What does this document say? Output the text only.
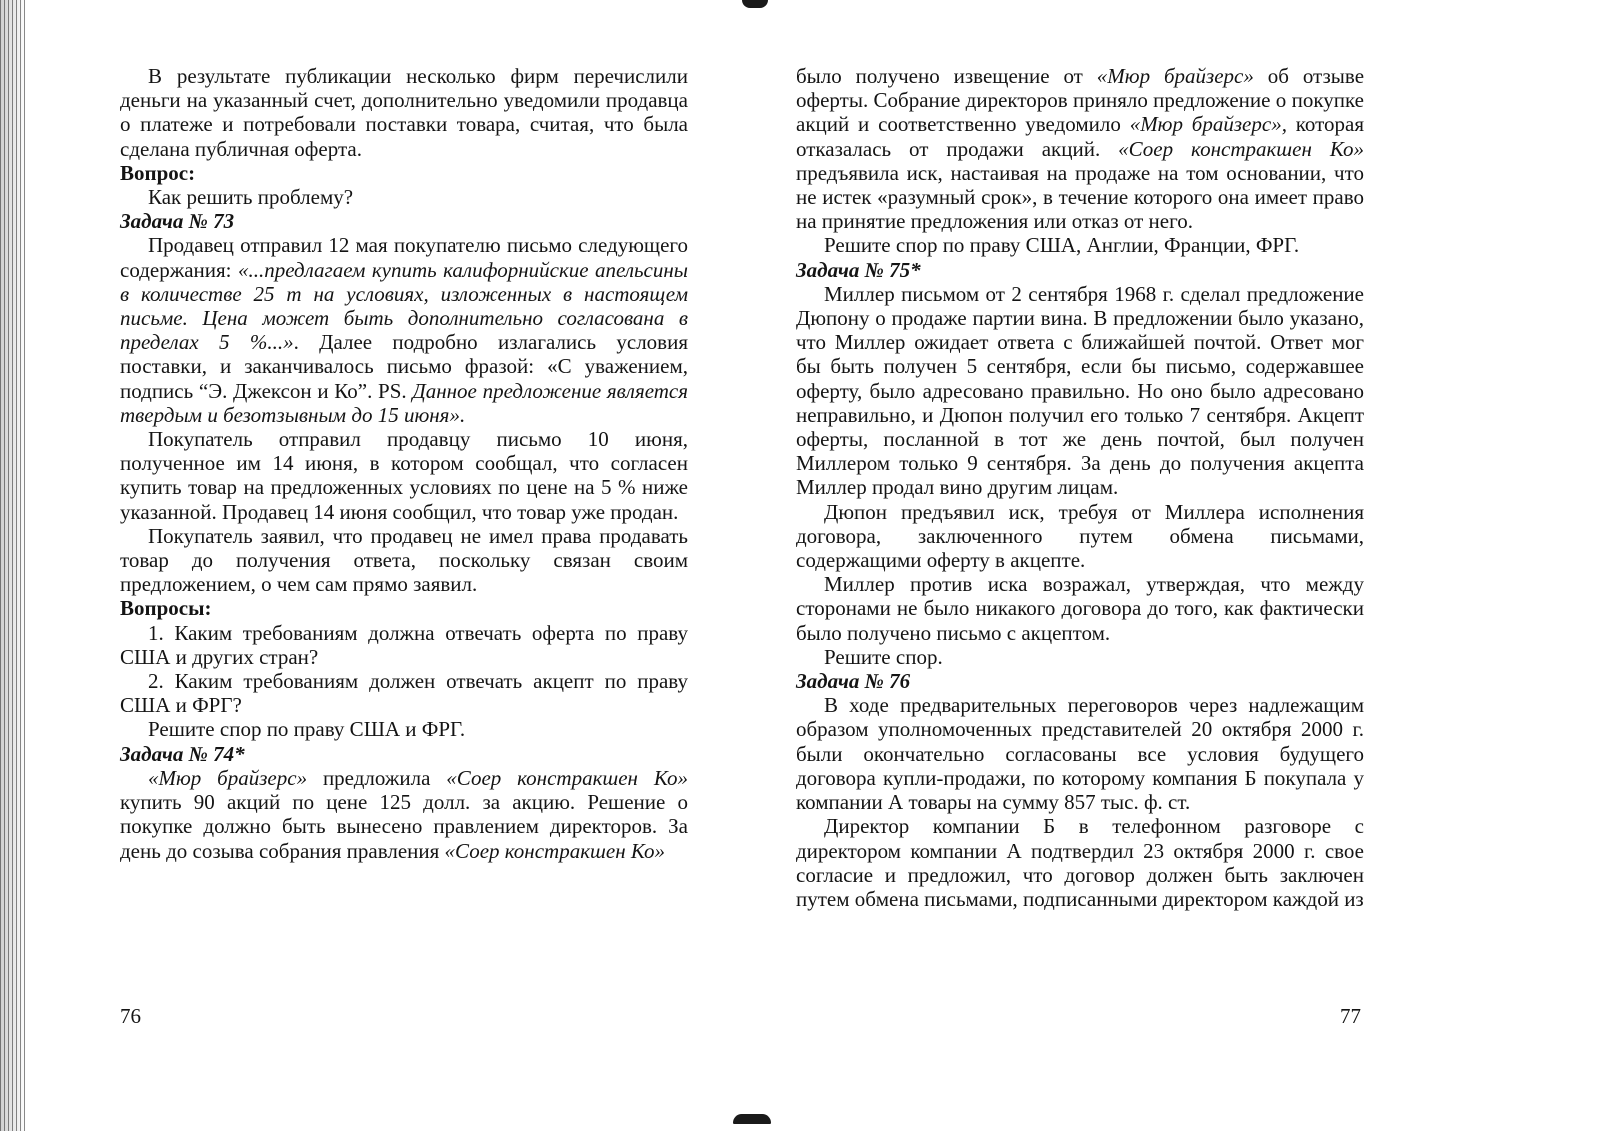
В результате публикации несколько фирм перечислили деньги на указанный счет, дополнительно уведомили продавца о платеже и потребовали поставки товара, считая, что была сделана публичная оферта.

Вопрос:

Как решить проблему?

Задача № 73

Продавец отправил 12 мая покупателю письмо следующего содержания: «...предлагаем купить калифорнийские апельсины в количестве 25 т на условиях, изложенных в настоящем письме. Цена может быть дополнительно согласована в пределах 5 %...». Далее подробно излагались условия поставки, и заканчивалось письмо фразой: «С уважением, подпись “Э. Джексон и Ко”. PS. Данное предложение является твердым и безотзывным до 15 июня».

Покупатель отправил продавцу письмо 10 июня, полученное им 14 июня, в котором сообщал, что согласен купить товар на предложенных условиях по цене на 5 % ниже указанной. Продавец 14 июня сообщил, что товар уже продан.

Покупатель заявил, что продавец не имел права продавать товар до получения ответа, поскольку связан своим предложением, о чем сам прямо заявил.

Вопросы:

1. Каким требованиям должна отвечать оферта по праву США и других стран?

2. Каким требованиям должен отвечать акцепт по праву США и ФРГ?

Решите спор по праву США и ФРГ.

Задача № 74*

«Мюр брайзерс» предложила «Соер констракшен Ко» купить 90 акций по цене 125 долл. за акцию. Решение о покупке должно быть вынесено правлением директоров. За день до созыва собрания правления «Соер констракшен Ко»

76

было получено извещение от «Мюр брайзерс» об отзыве оферты. Собрание директоров приняло предложение о покупке акций и соответственно уведомило «Мюр брайзерс», которая отказалась от продажи акций. «Соер констракшен Ко» предъявила иск, настаивая на продаже на том основании, что не истек «разумный срок», в течение которого она имеет право на принятие предложения или отказ от него.

Решите спор по праву США, Англии, Франции, ФРГ.

Задача № 75*

Миллер письмом от 2 сентября 1968 г. сделал предложение Дюпону о продаже партии вина. В предложении было указано, что Миллер ожидает ответа с ближайшей почтой. Ответ мог бы быть получен 5 сентября, если бы письмо, содержавшее оферту, было адресовано правильно. Но оно было адресовано неправильно, и Дюпон получил его только 7 сентября. Акцепт оферты, посланной в тот же день почтой, был получен Миллером только 9 сентября. За день до получения акцепта Миллер продал вино другим лицам.

Дюпон предъявил иск, требуя от Миллера исполнения договора, заключенного путем обмена письмами, содержащими оферту в акцепте.

Миллер против иска возражал, утверждая, что между сторонами не было никакого договора до того, как фактически было получено письмо с акцептом.

Решите спор.

Задача № 76

В ходе предварительных переговоров через надлежащим образом уполномоченных представителей 20 октября 2000 г. были окончательно согласованы все условия будущего договора купли-продажи, по которому компания Б покупала у компании А товары на сумму 857 тыс. ф. ст.

Директор компании Б в телефонном разговоре с директором компании А подтвердил 23 октября 2000 г. свое согласие и предложил, что договор должен быть заключен путем обмена письмами, подписанными директором каждой из

77
